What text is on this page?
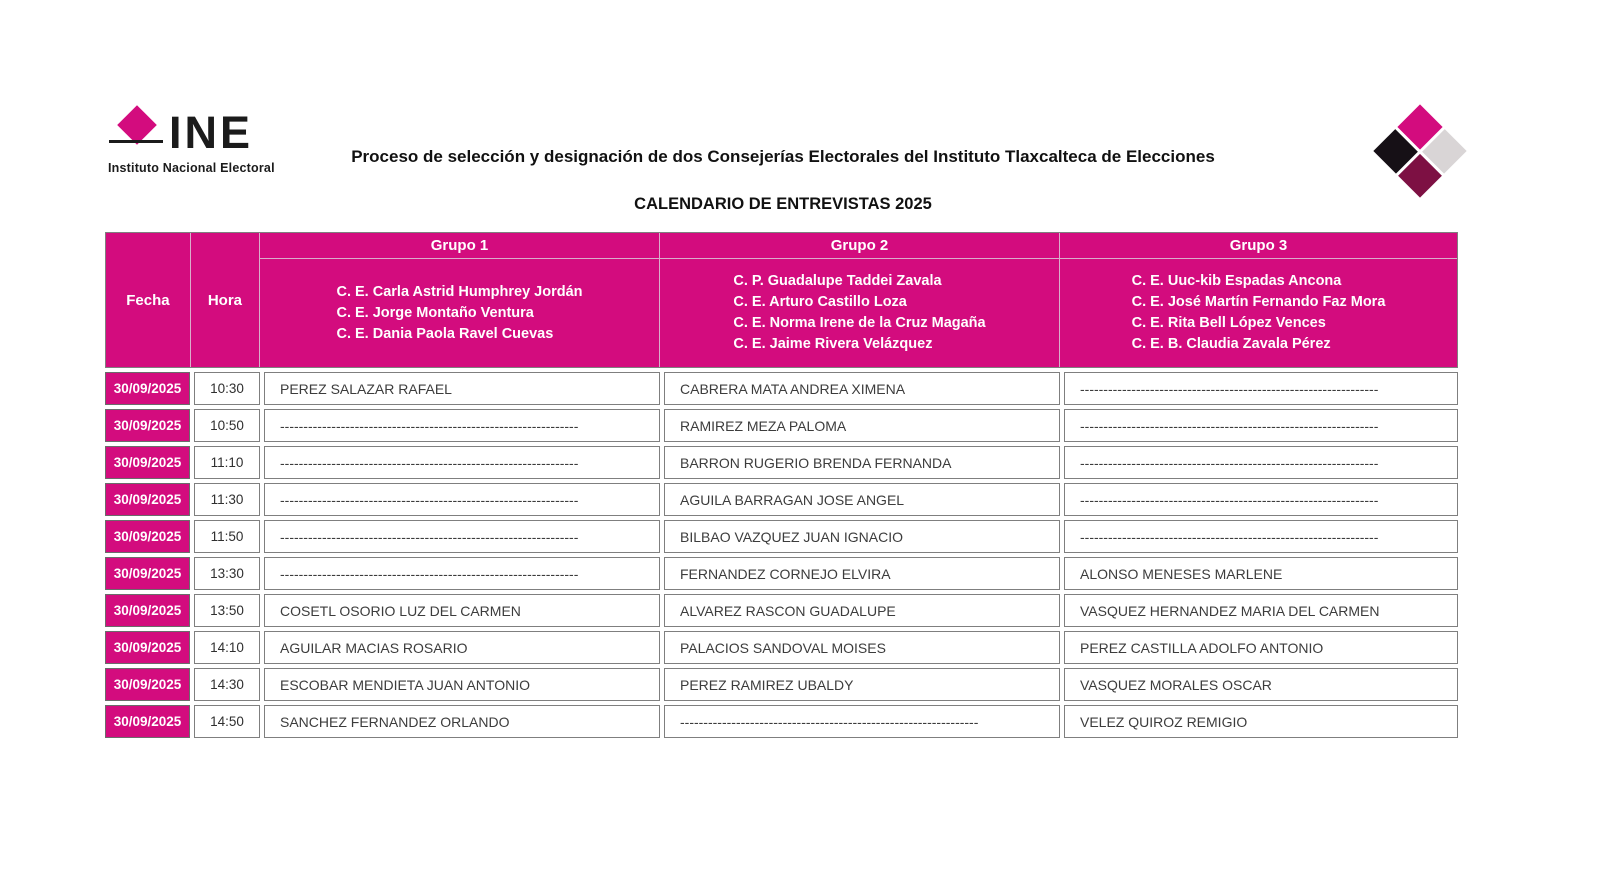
INE
Instituto Nacional Electoral
Proceso de selección y designación de dos Consejerías Electorales del Instituto Tlaxcalteca de Elecciones
CALENDARIO DE ENTREVISTAS 2025
Fecha	Hora
Grupo 1
C. E. Carla Astrid Humphrey Jordán
C. E. Jorge Montaño Ventura
C. E. Dania Paola Ravel Cuevas
Grupo 2
C. P. Guadalupe Taddei Zavala
C. E. Arturo Castillo Loza
C. E. Norma Irene de la Cruz Magaña
C. E. Jaime Rivera Velázquez
Grupo 3
C. E. Uuc-kib Espadas Ancona
C. E. José Martín Fernando Faz Mora
C. E. Rita Bell López Vences
C. E. B. Claudia Zavala Pérez
30/09/2025	10:30	PEREZ SALAZAR RAFAEL	CABRERA MATA ANDREA XIMENA	----------------------------------------------------------------
30/09/2025	10:50	----------------------------------------------------------------	RAMIREZ MEZA PALOMA	----------------------------------------------------------------
30/09/2025	11:10	----------------------------------------------------------------	BARRON RUGERIO BRENDA FERNANDA	----------------------------------------------------------------
30/09/2025	11:30	----------------------------------------------------------------	AGUILA BARRAGAN JOSE ANGEL	----------------------------------------------------------------
30/09/2025	11:50	----------------------------------------------------------------	BILBAO VAZQUEZ JUAN IGNACIO	----------------------------------------------------------------
30/09/2025	13:30	----------------------------------------------------------------	FERNANDEZ CORNEJO ELVIRA	ALONSO MENESES MARLENE
30/09/2025	13:50	COSETL OSORIO LUZ DEL CARMEN	ALVAREZ RASCON GUADALUPE	VASQUEZ HERNANDEZ MARIA DEL CARMEN
30/09/2025	14:10	AGUILAR MACIAS ROSARIO	PALACIOS SANDOVAL MOISES	PEREZ CASTILLA ADOLFO ANTONIO
30/09/2025	14:30	ESCOBAR MENDIETA JUAN ANTONIO	PEREZ RAMIREZ UBALDY	VASQUEZ MORALES OSCAR
30/09/2025	14:50	SANCHEZ FERNANDEZ ORLANDO	----------------------------------------------------------------	VELEZ QUIROZ REMIGIO
